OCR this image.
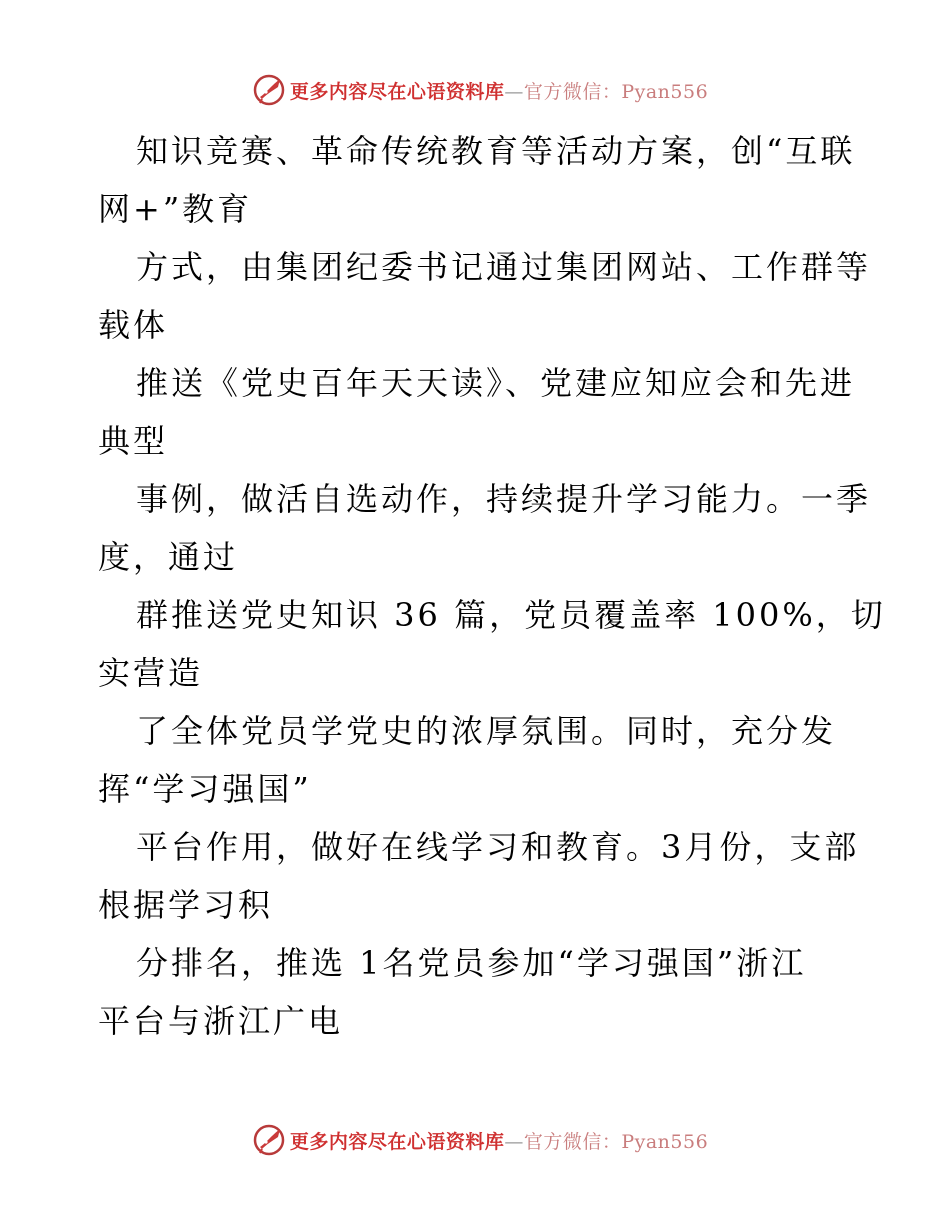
更多内容尽在心语资料库—官方微信：Pyan556
知识竞赛、革命传统教育等活动方案，创“互联
网+”教育
方式，由集团纪委书记通过集团网站、工作群等
载体
推送《党史百年天天读》、党建应知应会和先进
典型
事例，做活自选动作，持续提升学习能力。一季
度，通过
群推送党史知识 36 篇，党员覆盖率 100%，切
实营造
了全体党员学党史的浓厚氛围。同时，充分发
挥“学习强国”
平台作用，做好在线学习和教育。3月份，支部
根据学习积
分排名，推选 1名党员参加“学习强国”浙江
平台与浙江广电
更多内容尽在心语资料库—官方微信：Pyan556
